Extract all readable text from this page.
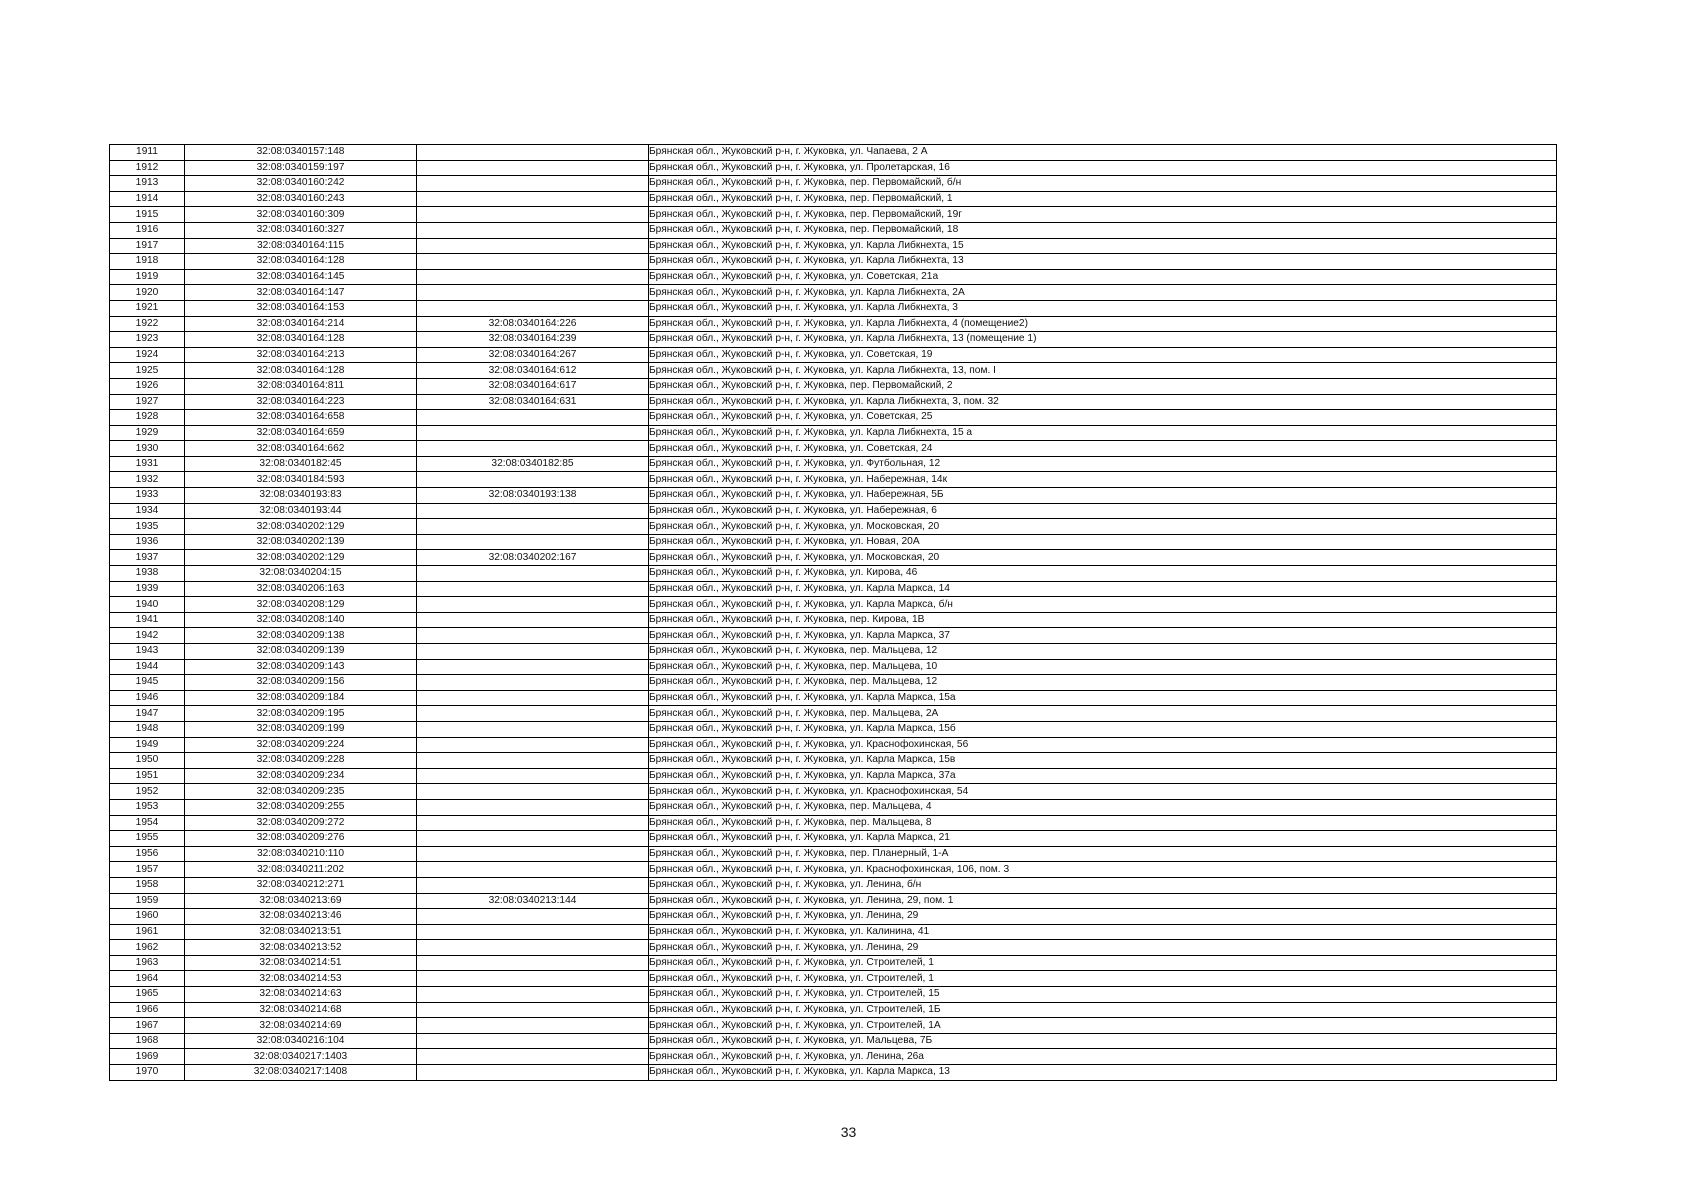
1911	32:08:0340157:148		Брянская обл., Жуковский р-н, г. Жуковка, ул. Чапаева, 2 А
1912	32:08:0340159:197		Брянская обл., Жуковский р-н, г. Жуковка, ул. Пролетарская, 16
1913	32:08:0340160:242		Брянская обл., Жуковский р-н, г. Жуковка, пер. Первомайский, б/н
1914	32:08:0340160:243		Брянская обл., Жуковский р-н, г. Жуковка, пер. Первомайский, 1
1915	32:08:0340160:309		Брянская обл., Жуковский р-н, г. Жуковка, пер. Первомайский, 19г
1916	32:08:0340160:327		Брянская обл., Жуковский р-н, г. Жуковка, пер. Первомайский, 18
1917	32:08:0340164:115		Брянская обл., Жуковский р-н, г. Жуковка, ул. Карла Либкнехта, 15
1918	32:08:0340164:128		Брянская обл., Жуковский р-н, г. Жуковка, ул. Карла Либкнехта, 13
1919	32:08:0340164:145		Брянская обл., Жуковский р-н, г. Жуковка, ул. Советская, 21а
1920	32:08:0340164:147		Брянская обл., Жуковский р-н, г. Жуковка, ул. Карла Либкнехта, 2А
1921	32:08:0340164:153		Брянская обл., Жуковский р-н, г. Жуковка, ул. Карла Либкнехта, 3
1922	32:08:0340164:214	32:08:0340164:226	Брянская обл., Жуковский р-н, г. Жуковка, ул. Карла Либкнехта, 4 (помещение2)
1923	32:08:0340164:128	32:08:0340164:239	Брянская обл., Жуковский р-н, г. Жуковка, ул. Карла Либкнехта, 13 (помещение 1)
1924	32:08:0340164:213	32:08:0340164:267	Брянская обл., Жуковский р-н, г. Жуковка, ул. Советская, 19
1925	32:08:0340164:128	32:08:0340164:612	Брянская обл., Жуковский р-н, г. Жуковка, ул. Карла Либкнехта, 13, пом. I
1926	32:08:0340164:811	32:08:0340164:617	Брянская обл., Жуковский р-н, г. Жуковка, пер. Первомайский, 2
1927	32:08:0340164:223	32:08:0340164:631	Брянская обл., Жуковский р-н, г. Жуковка, ул. Карла Либкнехта, 3, пом. 32
1928	32:08:0340164:658		Брянская обл., Жуковский р-н, г. Жуковка, ул. Советская, 25
1929	32:08:0340164:659		Брянская обл., Жуковский р-н, г. Жуковка, ул. Карла Либкнехта, 15 а
1930	32:08:0340164:662		Брянская обл., Жуковский р-н, г. Жуковка, ул. Советская, 24
1931	32:08:0340182:45	32:08:0340182:85	Брянская обл., Жуковский р-н, г. Жуковка, ул. Футбольная, 12
1932	32:08:0340184:593		Брянская обл., Жуковский р-н, г. Жуковка, ул. Набережная, 14к
1933	32:08:0340193:83	32:08:0340193:138	Брянская обл., Жуковский р-н, г. Жуковка, ул. Набережная, 5Б
1934	32:08:0340193:44		Брянская обл., Жуковский р-н, г. Жуковка, ул. Набережная, 6
1935	32:08:0340202:129		Брянская обл., Жуковский р-н, г. Жуковка, ул. Московская, 20
1936	32:08:0340202:139		Брянская обл., Жуковский р-н, г. Жуковка, ул. Новая, 20А
1937	32:08:0340202:129	32:08:0340202:167	Брянская обл., Жуковский р-н, г. Жуковка, ул. Московская, 20
1938	32:08:0340204:15		Брянская обл., Жуковский р-н, г. Жуковка, ул. Кирова, 46
1939	32:08:0340206:163		Брянская обл., Жуковский р-н, г. Жуковка, ул. Карла Маркса, 14
1940	32:08:0340208:129		Брянская обл., Жуковский р-н, г. Жуковка, ул. Карла Маркса, б/н
1941	32:08:0340208:140		Брянская обл., Жуковский р-н, г. Жуковка, пер. Кирова, 1В
1942	32:08:0340209:138		Брянская обл., Жуковский р-н, г. Жуковка, ул. Карла Маркса, 37
1943	32:08:0340209:139		Брянская обл., Жуковский р-н, г. Жуковка, пер. Мальцева, 12
1944	32:08:0340209:143		Брянская обл., Жуковский р-н, г. Жуковка, пер. Мальцева, 10
1945	32:08:0340209:156		Брянская обл., Жуковский р-н, г. Жуковка, пер. Мальцева, 12
1946	32:08:0340209:184		Брянская обл., Жуковский р-н, г. Жуковка, ул. Карла Маркса, 15а
1947	32:08:0340209:195		Брянская обл., Жуковский р-н, г. Жуковка, пер. Мальцева, 2А
1948	32:08:0340209:199		Брянская обл., Жуковский р-н, г. Жуковка, ул. Карла Маркса, 15б
1949	32:08:0340209:224		Брянская обл., Жуковский р-н, г. Жуковка, ул. Краснофохинская, 56
1950	32:08:0340209:228		Брянская обл., Жуковский р-н, г. Жуковка, ул. Карла Маркса, 15в
1951	32:08:0340209:234		Брянская обл., Жуковский р-н, г. Жуковка, ул. Карла Маркса, 37а
1952	32:08:0340209:235		Брянская обл., Жуковский р-н, г. Жуковка, ул. Краснофохинская, 54
1953	32:08:0340209:255		Брянская обл., Жуковский р-н, г. Жуковка, пер. Мальцева, 4
1954	32:08:0340209:272		Брянская обл., Жуковский р-н, г. Жуковка, пер. Мальцева, 8
1955	32:08:0340209:276		Брянская обл., Жуковский р-н, г. Жуковка, ул. Карла Маркса, 21
1956	32:08:0340210:110		Брянская обл., Жуковский р-н, г. Жуковка, пер. Планерный, 1-А
1957	32:08:0340211:202		Брянская обл., Жуковский р-н, г. Жуковка, ул. Краснофохинская, 106, пом. 3
1958	32:08:0340212:271		Брянская обл., Жуковский р-н, г. Жуковка, ул. Ленина, б/н
1959	32:08:0340213:69	32:08:0340213:144	Брянская обл., Жуковский р-н, г. Жуковка, ул. Ленина, 29, пом. 1
1960	32:08:0340213:46		Брянская обл., Жуковский р-н, г. Жуковка, ул. Ленина, 29
1961	32:08:0340213:51		Брянская обл., Жуковский р-н, г. Жуковка, ул. Калинина, 41
1962	32:08:0340213:52		Брянская обл., Жуковский р-н, г. Жуковка, ул. Ленина, 29
1963	32:08:0340214:51		Брянская обл., Жуковский р-н, г. Жуковка, ул. Строителей, 1
1964	32:08:0340214:53		Брянская обл., Жуковский р-н, г. Жуковка, ул. Строителей, 1
1965	32:08:0340214:63		Брянская обл., Жуковский р-н, г. Жуковка, ул. Строителей, 15
1966	32:08:0340214:68		Брянская обл., Жуковский р-н, г. Жуковка, ул. Строителей, 1Б
1967	32:08:0340214:69		Брянская обл., Жуковский р-н, г. Жуковка, ул. Строителей, 1А
1968	32:08:0340216:104		Брянская обл., Жуковский р-н, г. Жуковка, ул. Мальцева, 7Б
1969	32:08:0340217:1403		Брянская обл., Жуковский р-н, г. Жуковка, ул. Ленина, 26а
1970	32:08:0340217:1408		Брянская обл., Жуковский р-н, г. Жуковка, ул. Карла Маркса, 13
33
